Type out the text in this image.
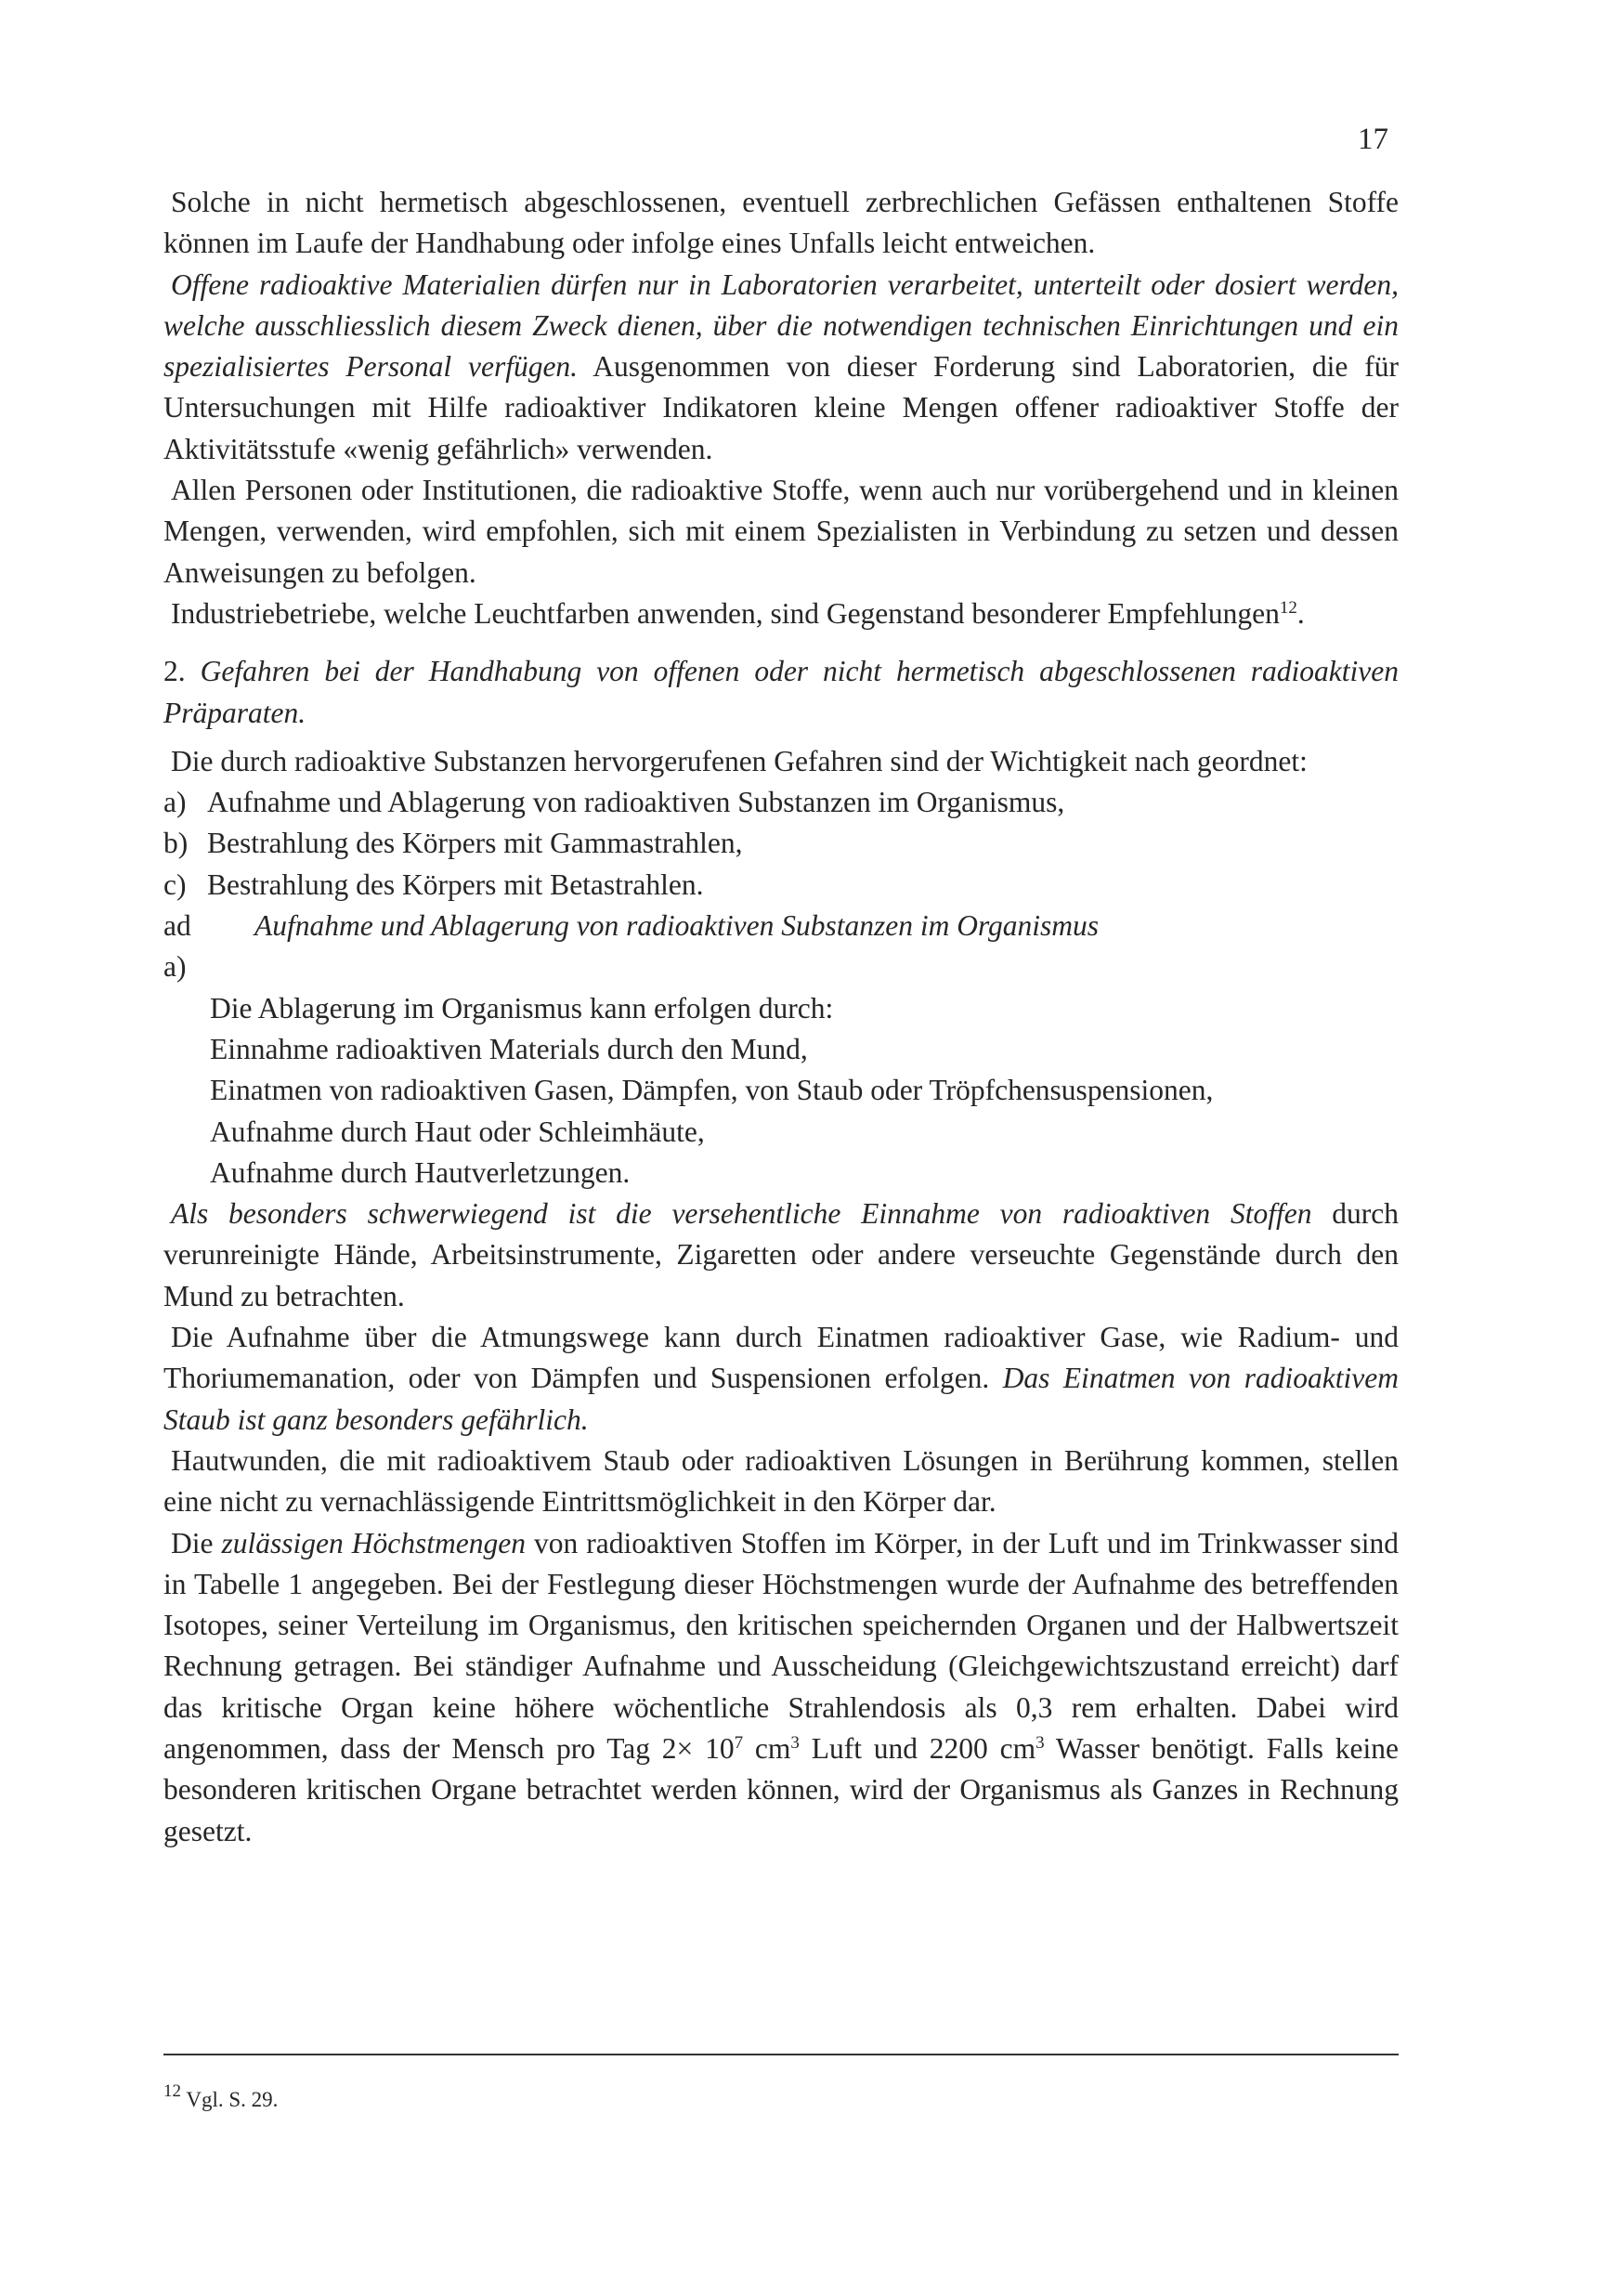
17

Solche in nicht hermetisch abgeschlossenen, eventuell zerbrechlichen Gefässen enthaltenen Stoffe können im Laufe der Handhabung oder infolge eines Unfalls leicht entweichen.

Offene radioaktive Materialien dürfen nur in Laboratorien verarbeitet, unterteilt oder dosiert werden, welche ausschliesslich diesem Zweck dienen, über die notwendigen technischen Einrichtungen und ein spezialisiertes Personal verfügen. Ausgenommen von dieser Forderung sind Laboratorien, die für Untersuchungen mit Hilfe radioaktiver Indikatoren kleine Mengen offener radioaktiver Stoffe der Aktivitätsstufe «wenig gefährlich» verwenden.

Allen Personen oder Institutionen, die radioaktive Stoffe, wenn auch nur vorübergehend und in kleinen Mengen, verwenden, wird empfohlen, sich mit einem Spezialisten in Verbindung zu setzen und dessen Anweisungen zu befolgen.

Industriebetriebe, welche Leuchtfarben anwenden, sind Gegenstand besonderer Empfehlungen$^{12}$.

2. Gefahren bei der Handhabung von offenen oder nicht hermetisch abgeschlossenen radioaktiven Präparaten.

Die durch radioaktive Substanzen hervorgerufenen Gefahren sind der Wichtigkeit nach geordnet:

a) Aufnahme und Ablagerung von radioaktiven Substanzen im Organismus,
b) Bestrahlung des Körpers mit Gammastrahlen,
c) Bestrahlung des Körpers mit Betastrahlen.
ad a)
Aufnahme und Ablagerung von radioaktiven Substanzen im Organismus
Die Ablagerung im Organismus kann erfolgen durch:
Einnahme radioaktiven Materials durch den Mund,
Einatmen von radioaktiven Gasen, Dämpfen, von Staub oder Tröpfchensuspensionen,
Aufnahme durch Haut oder Schleimhäute,
Aufnahme durch Hautverletzungen.

Als besonders schwerwiegend ist die versehentliche Einnahme von radioaktiven Stoffen durch verunreinigte Hände, Arbeitsinstrumente, Zigaretten oder andere verseuchte Gegenstände durch den Mund zu betrachten.

Die Aufnahme über die Atmungswege kann durch Einatmen radioaktiver Gase, wie Radium- und Thoriumemanation, oder von Dämpfen und Suspensionen erfolgen. Das Einatmen von radioaktivem Staub ist ganz besonders gefährlich.

Hautwunden, die mit radioaktivem Staub oder radioaktiven Lösungen in Berührung kommen, stellen eine nicht zu vernachlässigende Eintrittsmöglichkeit in den Körper dar.

Die zulässigen Höchstmengen von radioaktiven Stoffen im Körper, in der Luft und im Trinkwasser sind in Tabelle 1 angegeben. Bei der Festlegung dieser Höchstmengen wurde der Aufnahme des betreffenden Isotopes, seiner Verteilung im Organismus, den kritischen speichernden Organen und der Halbwertszeit Rechnung getragen. Bei ständiger Aufnahme und Ausscheidung (Gleichgewichtszustand erreicht) darf das kritische Organ keine höhere wöchentliche Strahlendosis als 0,3 rem erhalten. Dabei wird angenommen, dass der Mensch pro Tag $2\times 10^7$ $cm^3$ Luft und 2200 $cm^3$ Wasser benötigt. Falls keine besonderen kritischen Organe betrachtet werden können, wird der Organismus als Ganzes in Rechnung gesetzt.

$^{12}$ Vgl. S. 29.
